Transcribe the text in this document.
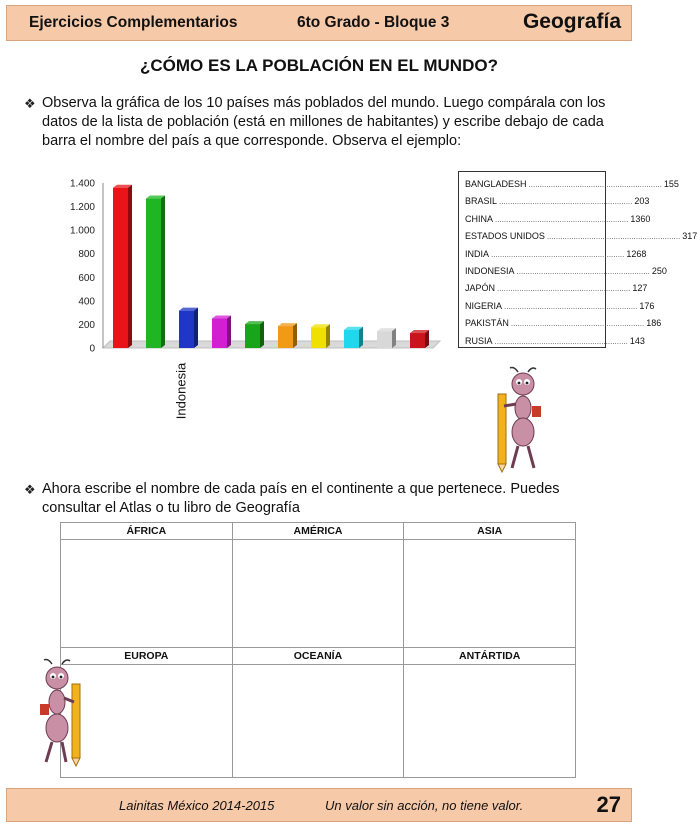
Ejercicios Complementarios	6to Grado - Bloque 3	Geografía
¿CÓMO ES LA POBLACIÓN EN EL MUNDO?
❖ Observa la gráfica de los 10 países más poblados del mundo. Luego compárala con los datos de la lista de población (está en millones de habitantes) y escribe debajo de cada barra el nombre del país a que corresponde. Observa el ejemplo:
0
200
400
600
800
1.000
1.200
1.400
Indonesia
BANGLADESH ............................................................ 155
BRASIL ............................................................ 203
CHINA ............................................................ 1360
ESTADOS UNIDOS ............................................................ 317
INDIA ............................................................ 1268
INDONESIA ............................................................ 250
JAPÓN ............................................................ 127
NIGERIA ............................................................ 176
PAKISTÁN ............................................................ 186
RUSIA ............................................................ 143
❖ Ahora escribe el nombre de cada país en el continente a que pertenece. Puedes consultar el Atlas o tu libro de Geografía
ÁFRICA	AMÉRICA	ASIA

EUROPA	OCEANÍA	ANTÁRTIDA

Lainitas México 2014-2015	Un valor sin acción, no tiene valor.	27
